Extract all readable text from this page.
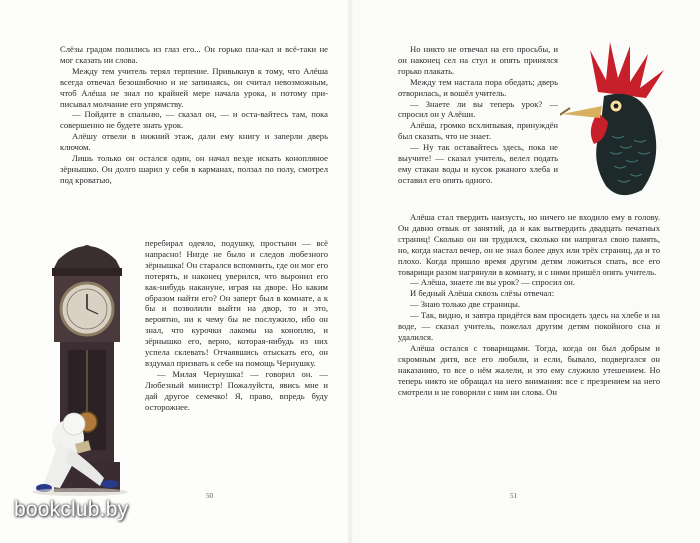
Слёзы градом полились из глаз его... Он горько пла-кал и всё-таки не мог сказать ни слова.

Между тем учитель терял терпение. Привыкнув к тому, что Алёша всегда отвечал безошибочно и не запинаясь, он считал невозможным, чтоб Алёша не знал по крайней мере начала урока, и потому при-писывал молчание его упрямству.

— Пойдите в спальню, — сказал он, — и оста-вайтесь там, пока совершенно не будете знать урок.

Алёшу отвели в нижний этаж, дали ему книгу и заперли дверь ключом.

Лишь только он остался один, он начал везде искать конопляное зёрнышко. Он долго шарил у себя в карманах, ползал по полу, смотрел под кроватью,

перебирал одеяло, подушку, простыни — всё напрасно! Нигде не было и следов любезного зёрнышка! Он старался вспомнить, где он мог его потерять, и наконец уверился, что выронил его как-нибудь накануне, играя на дворе. Но каким образом найти его? Он заперт был в комнате, а к бы и позволили выйти на двор, то и это, вероятно, ни к чему бы не послужило, ибо он знал, что курочки лакомы на коноплю, и зёрнышко его, верно, которая-нибудь из них успела склевать! Отчаявшись отыскать его, он вздумал призвать к себе на помощь Чернушку.

— Милая Чернушка! — говорил он. — Любезный министр! Пожалуйста, явись мне и дай другое семечко! Я, право, впредь буду осторожнее.

Но никто не отвечал на его просьбы, и он наконец сел на стул и опять принялся горько плакать.

Между тем настала пора обедать; дверь отворилась, и вошёл учитель.

— Знаете ли вы теперь урок? — спросил он у Алёши.

Алёша, громко всхлипывая, принуждён был сказать, что не знает.

— Ну так оставайтесь здесь, пока не выучите! — сказал учитель, велел подать ему стакан воды и кусок ржаного хлеба и оставил его опять одного.

Алёша стал твердить наизусть, но ничего не входило ему в голову. Он давно отвык от занятий, да и как вытвердить двадцать печатных страниц! Сколько он ни трудился, сколько ни напрягал свою память, но, когда настал вечер, он не знал более двух или трёх страниц, да и то плохо. Когда пришло время другим детям ложиться спать, все его товарищи разом нагрянули в комнату, и с ними пришёл опять учитель.

— Алёша, знаете ли вы урок? — спросил он.

И бедный Алёша сквозь слёзы отвечал:

— Знаю только две страницы.

— Так, видно, и завтра придётся вам просидеть здесь на хлебе и на воде, — сказал учитель, пожелал другим детям покойного сна и удалился.

Алёша остался с товарищами. Тогда, когда он был добрым и скромным дитя, все его любили, и если, бывало, подвергался он наказанию, то все о нём жалели, и это ему служило утешением. Но теперь никто не обращал на него внимания: все с презрением на него смотрели и не говорили с ним ни слова. Он

50	51
bookclub.by
